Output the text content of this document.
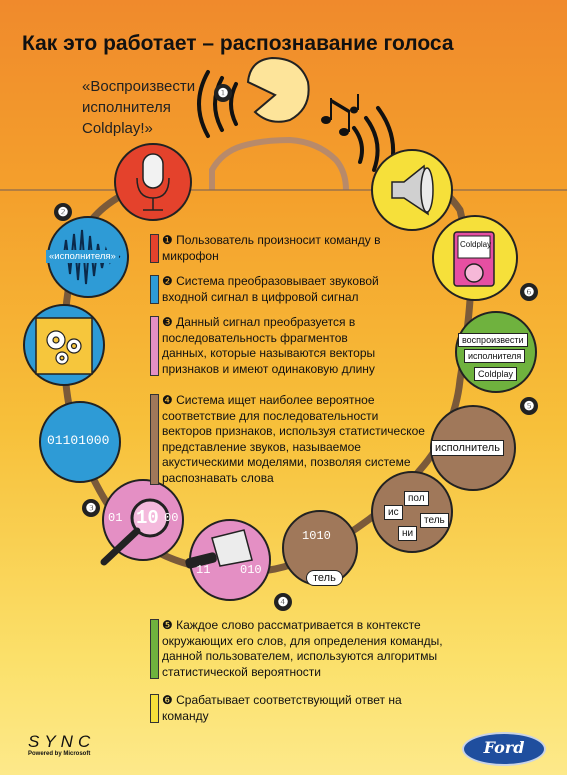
Как это работает – распознавание голоса
«Воспроизвести исполнителя Coldplay!»
❶
❷
❸
❹
❺
❻
«исполнителя»
01101000
01 10 00
11 010
1010
тель
ис
пол
ни
тель
исполнитель
воспроизвести
исполнителя
Coldplay
Coldplay
❶ Пользователь произносит команду в микрофон
❷ Система преобразовывает звуковой входной сигнал в цифровой сигнал
❸ Данный сигнал преобразуется в последовательность фрагментов данных, которые называются векторы признаков и имеют одинаковую длину
❹ Система ищет наиболее вероятное соответствие для последовательности векторов признаков, используя статистическое представление звуков, называемое акустическими моделями, позволяя системе распознавать слова
❺ Каждое слово рассматривается в контексте окружающих его слов, для определения команды, данной пользователем, используются алгоритмы статистической вероятности
❻ Срабатывает соответствующий ответ на команду
SYNC
Powered by Microsoft	Ford
